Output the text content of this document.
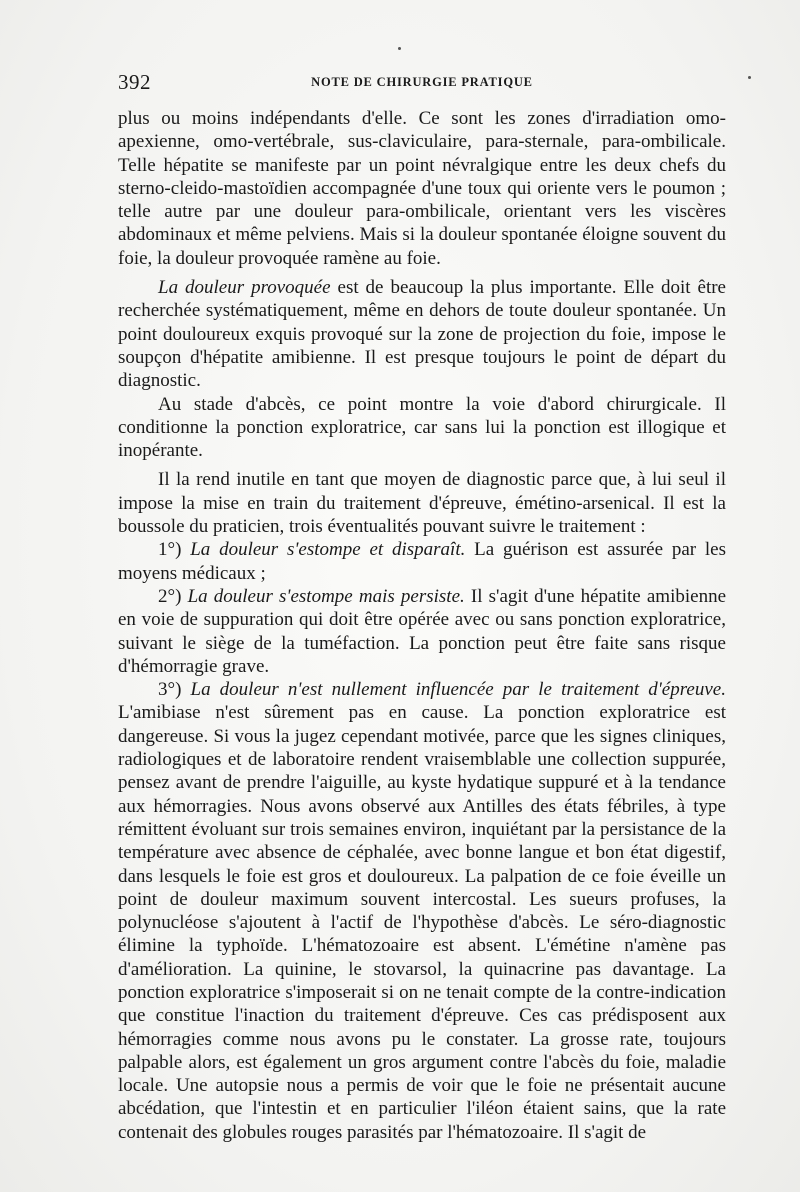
392	NOTE DE CHIRURGIE PRATIQUE

plus ou moins indépendants d'elle. Ce sont les zones d'irradiation omo-apexienne, omo-vertébrale, sus-claviculaire, para-sternale, para-ombilicale. Telle hépatite se manifeste par un point névralgique entre les deux chefs du sterno-cleido-mastoïdien accompagnée d'une toux qui oriente vers le poumon ; telle autre par une douleur para-ombilicale, orientant vers les viscères abdominaux et même pelviens. Mais si la douleur spontanée éloigne souvent du foie, la douleur provoquée ramène au foie.

La douleur provoquée est de beaucoup la plus importante. Elle doit être recherchée systématiquement, même en dehors de toute douleur spontanée. Un point douloureux exquis provoqué sur la zone de projection du foie, impose le soupçon d'hépatite amibienne. Il est presque toujours le point de départ du diagnostic.

Au stade d'abcès, ce point montre la voie d'abord chirurgicale. Il conditionne la ponction exploratrice, car sans lui la ponction est illogique et inopérante.

Il la rend inutile en tant que moyen de diagnostic parce que, à lui seul il impose la mise en train du traitement d'épreuve, émétino-arsenical. Il est la boussole du praticien, trois éventualités pouvant suivre le traitement :

1°) La douleur s'estompe et disparaît. La guérison est assurée par les moyens médicaux ;

2°) La douleur s'estompe mais persiste. Il s'agit d'une hépatite amibienne en voie de suppuration qui doit être opérée avec ou sans ponction exploratrice, suivant le siège de la tuméfaction. La ponction peut être faite sans risque d'hémorragie grave.

3°) La douleur n'est nullement influencée par le traitement d'épreuve. L'amibiase n'est sûrement pas en cause. La ponction exploratrice est dangereuse. Si vous la jugez cependant motivée, parce que les signes cliniques, radiologiques et de laboratoire rendent vraisemblable une collection suppurée, pensez avant de prendre l'aiguille, au kyste hydatique suppuré et à la tendance aux hémorragies. Nous avons observé aux Antilles des états fébriles, à type rémittent évoluant sur trois semaines environ, inquiétant par la persistance de la température avec absence de céphalée, avec bonne langue et bon état digestif, dans lesquels le foie est gros et douloureux. La palpation de ce foie éveille un point de douleur maximum souvent intercostal. Les sueurs profuses, la polynucléose s'ajoutent à l'actif de l'hypothèse d'abcès. Le séro-diagnostic élimine la typhoïde. L'hématozoaire est absent. L'émétine n'amène pas d'amélioration. La quinine, le stovarsol, la quinacrine pas davantage. La ponction exploratrice s'imposerait si on ne tenait compte de la contre-indication que constitue l'inaction du traitement d'épreuve. Ces cas prédisposent aux hémorragies comme nous avons pu le constater. La grosse rate, toujours palpable alors, est également un gros argument contre l'abcès du foie, maladie locale. Une autopsie nous a permis de voir que le foie ne présentait aucune abcédation, que l'intestin et en particulier l'iléon étaient sains, que la rate contenait des globules rouges parasités par l'hématozoaire. Il s'agit de
